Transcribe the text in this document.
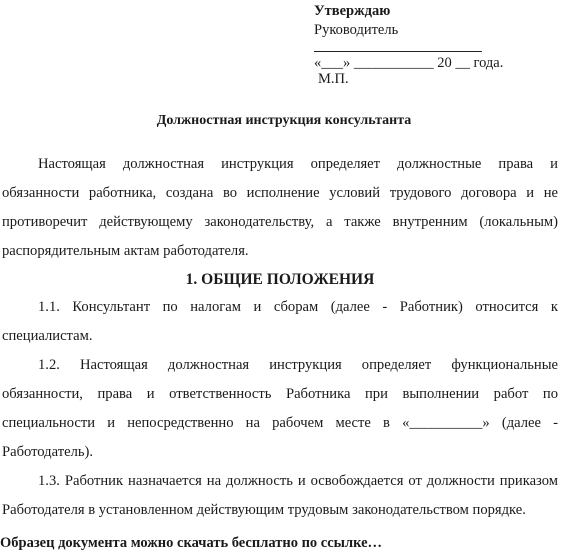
Утверждаю
Руководитель
«___» ___________ 20 __ года.
М.П.
Должностная инструкция консультанта
Настоящая должностная инструкция определяет должностные права и обязанности работника, создана во исполнение условий трудового договора и не противоречит действующему законодательству, а также внутренним (локальным) распорядительным актам работодателя.
1. ОБЩИЕ ПОЛОЖЕНИЯ
1.1. Консультант по налогам и сборам (далее - Работник) относится к специалистам.
1.2. Настоящая должностная инструкция определяет функциональные обязанности, права и ответственность Работника при выполнении работ по специальности и непосредственно на рабочем месте в «__________» (далее - Работодатель).
1.3. Работник назначается на должность и освобождается от должности приказом Работодателя в установленном действующим трудовым законодательством порядке.
Образец документа можно скачать бесплатно по ссылке…
